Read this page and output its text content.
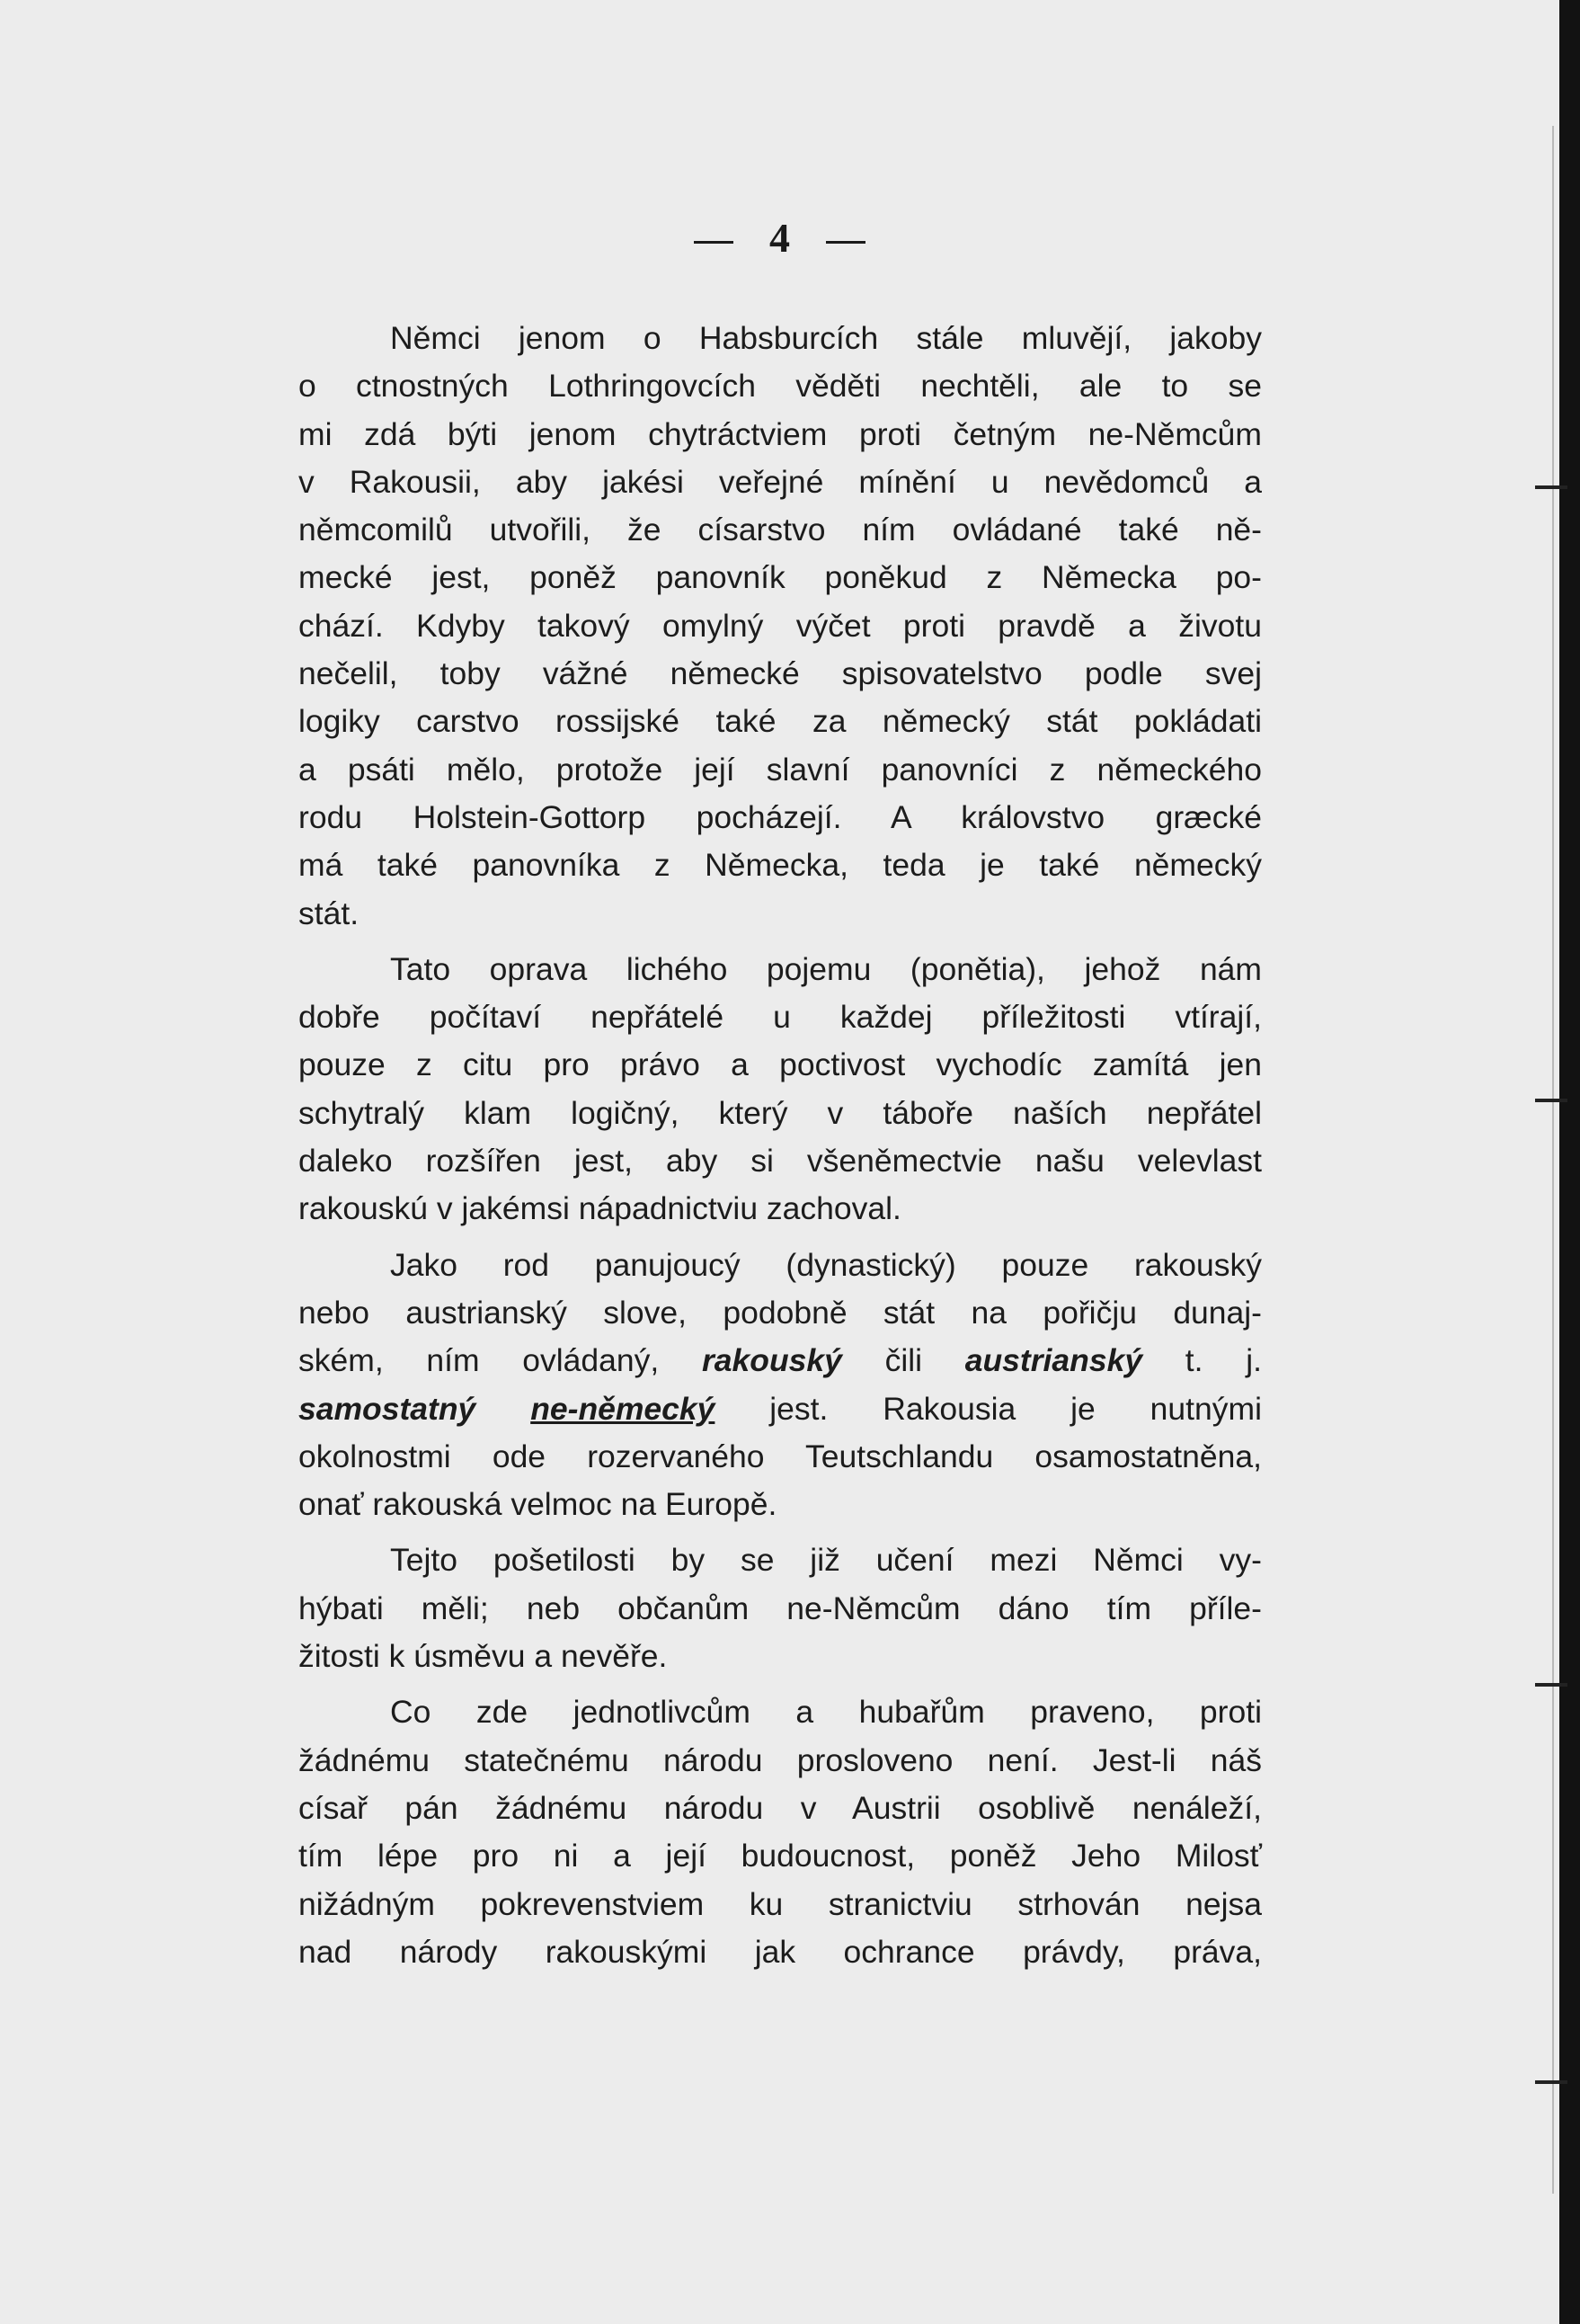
4
Němci jenom o Habsburcích stále mluvějí, jakoby
o ctnostných Lothringovcích věděti nechtěli, ale to se
mi zdá býti jenom chytráctviem proti četným ne-Němcům
v Rakousii, aby jakési veřejné mínění u nevědomců a
němcomilů utvořili, že císarstvo ním ovládané také ně-
mecké jest, poněž panovník poněkud z Německa po-
chází. Kdyby takový omylný výčet proti pravdě a životu
nečelil, toby vážné německé spisovatelstvo podle svej
logiky carstvo rossijské také za německý stát pokládati
a psáti mělo, protože její slavní panovníci z německého
rodu Holstein-Gottorp pocházejí. A královstvo græcké
má také panovníka z Německa, teda je také německý
stát.
Tato oprava lichého pojemu (ponětia), jehož nám
dobře počítaví nepřátelé u každej příležitosti vtírají,
pouze z citu pro právo a poctivost vychodíc zamítá jen
schytralý klam logičný, který v táboře naších nepřátel
daleko rozšířen jest, aby si všeněmectvie našu velevlast
rakouskú v jakémsi nápadnictviu zachoval.
Jako rod panujoucý (dynastický) pouze rakouský
nebo austrianský slove, podobně stát na pořičju dunaj-
ském, ním ovládaný, rakouský čili austrianský t. j.
samostatný ne-německý jest. Rakousia je nutnými
okolnostmi ode rozervaného Teutschlandu osamostatněna,
onať rakouská velmoc na Europě.
Tejto pošetilosti by se již učení mezi Němci vy-
hýbati měli; neb občanům ne-Němcům dáno tím příle-
žitosti k úsměvu a nevěře.
Co zde jednotlivcům a hubařům praveno, proti
žádnému statečnému národu prosloveno není. Jest-li náš
císař pán žádnému národu v Austrii osoblivě nenáleží,
tím lépe pro ni a její budoucnost, poněž Jeho Milosť
nižádným pokrevenstviem ku stranictviu strhován nejsa
nad národy rakouskými jak ochrance právdy, práva,
